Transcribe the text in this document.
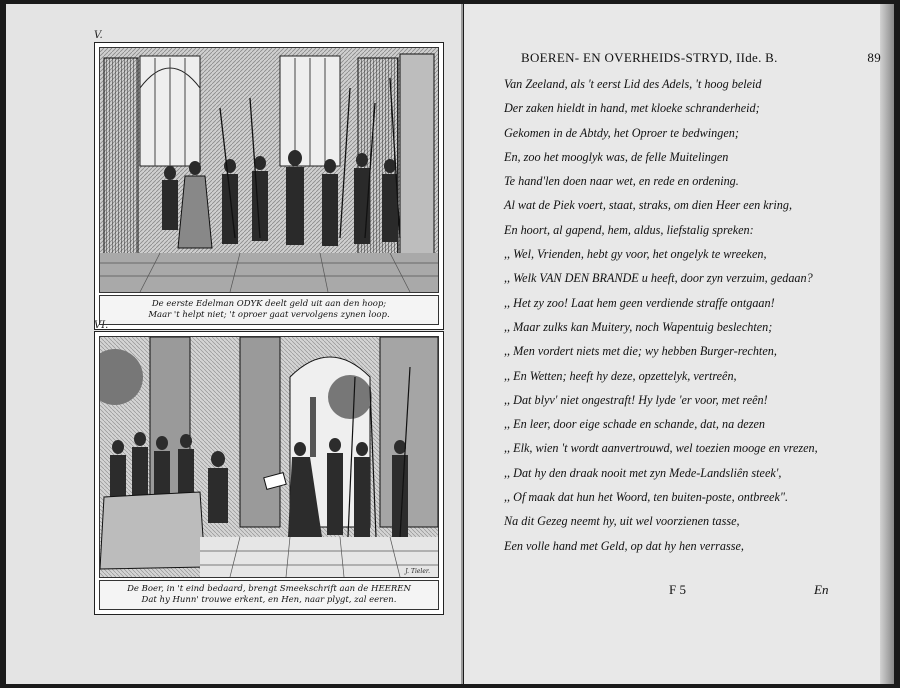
V.
De eerste Edelman ODYK deelt geld uit aan den hoop;
Maar 't helpt niet; 't oproer gaat vervolgens zynen loop.
VI.
J. Tieler.
De Boer, in 't eind bedaard, brengt Smeekschrift aan de HEEREN
Dat hy Hunn' trouwe erkent, en Hen, naar plygt, zal eeren.
BOEREN- EN OVERHEIDS-STRYD, IIde. B.	89
Van Zeeland, als 't eerst Lid des Adels, 't hoog beleid
Der zaken hieldt in hand, met kloeke schranderheid;
Gekomen in de Abtdy, het Oproer te bedwingen;
En, zoo het mooglyk was, de felle Muitelingen
Te hand'len doen naar wet, en rede en ordening.
Al wat de Piek voert, staat, straks, om dien Heer een kring,
En hoort, al gapend, hem, aldus, liefstalig spreken:
,, Wel, Vrienden, hebt gy voor, het ongelyk te wreeken,
,, Welk VAN DEN BRANDE u heeft, door zyn verzuim, gedaan?
,, Het zy zoo! Laat hem geen verdiende straffe ontgaan!
,, Maar zulks kan Muitery, noch Wapentuig beslechten;
,, Men vordert niets met die; wy hebben Burger-rechten,
,, En Wetten; heeft hy deze, opzettelyk, vertreên,
,, Dat blyv' niet ongestraft! Hy lyde 'er voor, met reên!
,, En leer, door eige schade en schande, dat, na dezen
,, Elk, wien 't wordt aanvertrouwd, wel toezien mooge en vrezen,
,, Dat hy den draak nooit met zyn Mede-Landsliên steek',
,, Of maak dat hun het Woord, ten buiten-poste, ontbreek".
Na dit Gezeg neemt hy, uit wel voorzienen tasse,
Een volle hand met Geld, op dat hy hen verrasse,
F 5	En
